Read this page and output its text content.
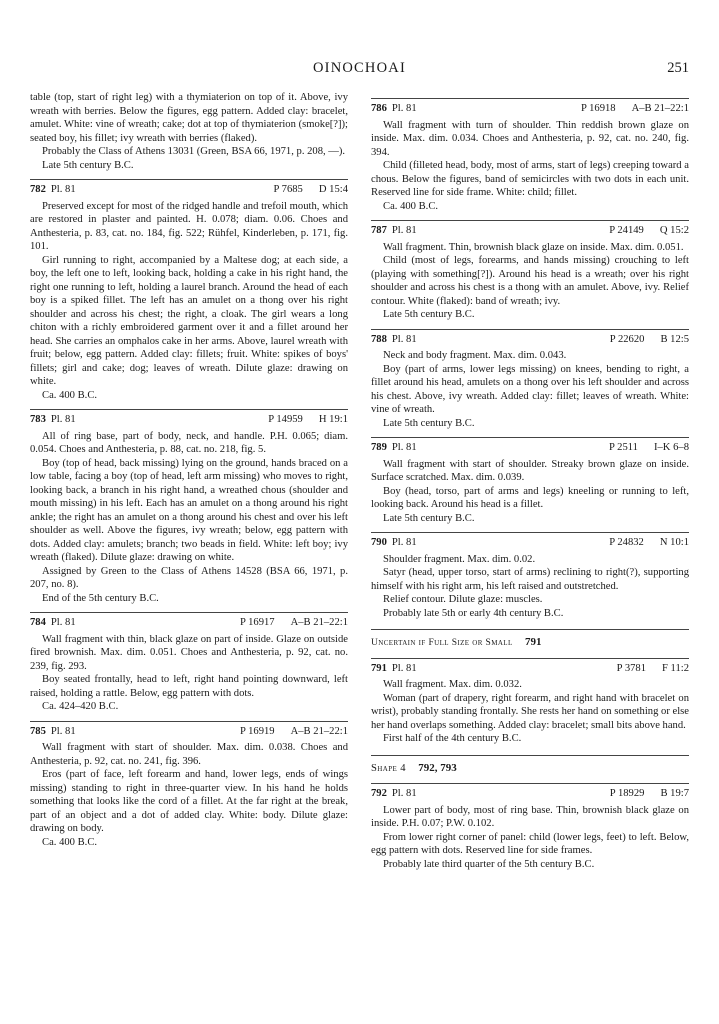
OINOCHOAI	251

table (top, start of right leg) with a thymiaterion on top of it. Above, ivy wreath with berries. Below the figures, egg pattern. Added clay: bracelet, amulet. White: vine of wreath; cake; dot at top of thymiaterion (smoke[?]); seated boy, his fillet; ivy wreath with berries (flaked).

Probably the Class of Athens 13031 (Green, BSA 66, 1971, p. 208, —).

Late 5th century B.C.

782 Pl. 81	P 7685 D 15:4

Preserved except for most of the ridged handle and trefoil mouth, which are restored in plaster and painted. H. 0.078; diam. 0.06. Choes and Anthesteria, p. 83, cat. no. 184, fig. 522; Rühfel, Kinderleben, p. 171, fig. 101.

Girl running to right, accompanied by a Maltese dog; at each side, a boy, the left one to left, looking back, holding a cake in his right hand, the right one running to left, holding a laurel branch. Around the head of each boy is a spiked fillet. The left has an amulet on a thong over his right shoulder and across his chest; the right, a cloak. The girl wears a long chiton with a richly embroidered garment over it and a fillet around her head. She carries an omphalos cake in her arms. Above, laurel wreath with fruit; below, egg pattern. Added clay: fillets; fruit. White: spikes of boys' fillets; girl and cake; dog; leaves of wreath. Dilute glaze: drawing on white.

Ca. 400 B.C.

783 Pl. 81	P 14959 H 19:1

All of ring base, part of body, neck, and handle. P.H. 0.065; diam. 0.054. Choes and Anthesteria, p. 88, cat. no. 218, fig. 5.

Boy (top of head, back missing) lying on the ground, hands braced on a low table, facing a boy (top of head, left arm missing) who moves to right, looking back, a branch in his right hand, a wreathed chous (shoulder and mouth missing) in his left. Each has an amulet on a thong around his right ankle; the right has an amulet on a thong around his chest and over his left shoulder as well. Above the figures, ivy wreath; below, egg pattern with dots. Added clay: amulets; branch; two beads in field. White: left boy; ivy wreath (flaked). Dilute glaze: drawing on white.

Assigned by Green to the Class of Athens 14528 (BSA 66, 1971, p. 207, no. 8).

End of the 5th century B.C.

784 Pl. 81	P 16917 A–B 21–22:1

Wall fragment with thin, black glaze on part of inside. Glaze on outside fired brownish. Max. dim. 0.051. Choes and Anthesteria, p. 92, cat. no. 239, fig. 293.

Boy seated frontally, head to left, right hand pointing downward, left raised, holding a rattle. Below, egg pattern with dots.

Ca. 424–420 B.C.

785 Pl. 81	P 16919 A–B 21–22:1

Wall fragment with start of shoulder. Max. dim. 0.038. Choes and Anthesteria, p. 92, cat. no. 241, fig. 396.

Eros (part of face, left forearm and hand, lower legs, ends of wings missing) standing to right in three-quarter view. In his hand he holds something that looks like the cord of a fillet. At the far right at the break, part of an object and a dot of added clay. White: body. Dilute glaze: drawing on body.

Ca. 400 B.C.

786 Pl. 81	P 16918 A–B 21–22:1

Wall fragment with turn of shoulder. Thin reddish brown glaze on inside. Max. dim. 0.034. Choes and Anthesteria, p. 92, cat. no. 240, fig. 394.

Child (filleted head, body, most of arms, start of legs) creeping toward a chous. Below the figures, band of semicircles with two dots in each unit. Reserved line for side frame. White: child; fillet.

Ca. 400 B.C.

787 Pl. 81	P 24149 Q 15:2

Wall fragment. Thin, brownish black glaze on inside. Max. dim. 0.051.

Child (most of legs, forearms, and hands missing) crouching to left (playing with something[?]). Around his head is a wreath; over his right shoulder and across his chest is a thong with an amulet. Above, ivy. Relief contour. White (flaked): band of wreath; ivy.

Late 5th century B.C.

788 Pl. 81	P 22620 B 12:5

Neck and body fragment. Max. dim. 0.043.

Boy (part of arms, lower legs missing) on knees, bending to right, a fillet around his head, amulets on a thong over his left shoulder and across his chest. Above, ivy wreath. Added clay: fillet; leaves of wreath. White: vine of wreath.

Late 5th century B.C.

789 Pl. 81	P 2511 I–K 6–8

Wall fragment with start of shoulder. Streaky brown glaze on inside. Surface scratched. Max. dim. 0.039.

Boy (head, torso, part of arms and legs) kneeling or running to left, looking back. Around his head is a fillet.

Late 5th century B.C.

790 Pl. 81	P 24832 N 10:1

Shoulder fragment. Max. dim. 0.02.

Satyr (head, upper torso, start of arms) reclining to right(?), supporting himself with his right arm, his left raised and outstretched.

Relief contour. Dilute glaze: muscles.

Probably late 5th or early 4th century B.C.

Uncertain if Full Size or Small 791
791 Pl. 81	P 3781 F 11:2

Wall fragment. Max. dim. 0.032.

Woman (part of drapery, right forearm, and right hand with bracelet on wrist), probably standing frontally. She rests her hand on something or else her hand overlaps something. Added clay: bracelet; small bits above hand.

First half of the 4th century B.C.

Shape 4 792, 793
792 Pl. 81	P 18929 B 19:7

Lower part of body, most of ring base. Thin, brownish black glaze on inside. P.H. 0.07; P.W. 0.102.

From lower right corner of panel: child (lower legs, feet) to left. Below, egg pattern with dots. Reserved line for side frames.

Probably late third quarter of the 5th century B.C.
